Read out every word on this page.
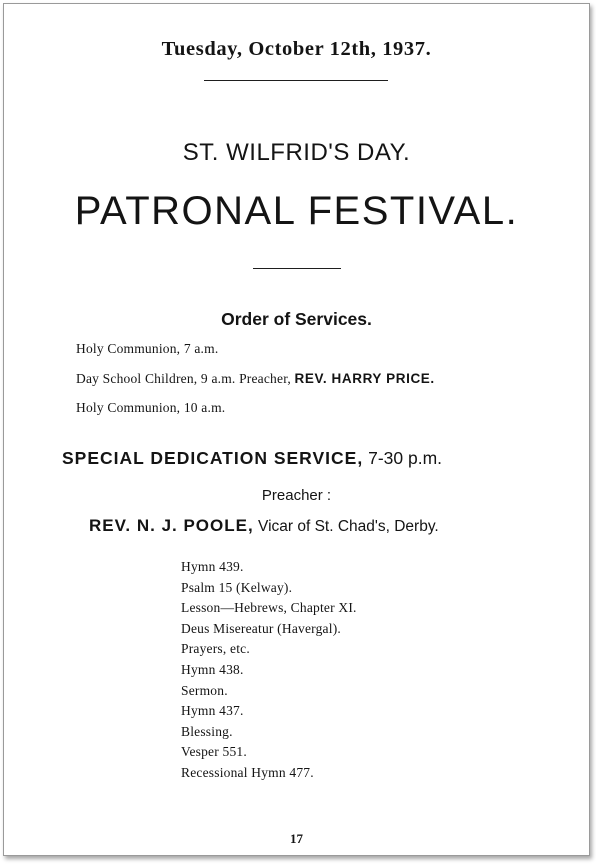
Tuesday, October 12th, 1937.
ST. WILFRID'S DAY.
PATRONAL FESTIVAL.
Order of Services.
Holy Communion, 7 a.m.
Day School Children, 9 a.m. Preacher, REV. HARRY PRICE.
Holy Communion, 10 a.m.
SPECIAL DEDICATION SERVICE, 7-30 p.m.
Preacher :
REV. N. J. POOLE, Vicar of St. Chad's, Derby.
Hymn 439.
Psalm 15 (Kelway).
Lesson—Hebrews, Chapter XI.
Deus Misereatur (Havergal).
Prayers, etc.
Hymn 438.
Sermon.
Hymn 437.
Blessing.
Vesper 551.
Recessional Hymn 477.
17
